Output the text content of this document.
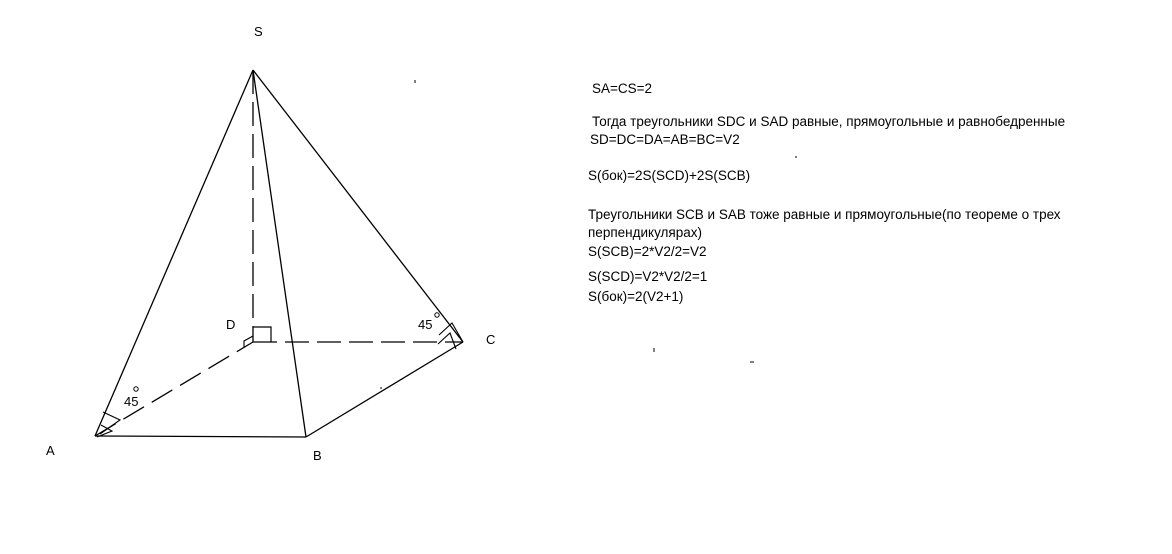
S
A	B
C
D
45
45
SA=CS=2
Тогда треугольники SDC и SAD равные, прямоугольные и равнобедренные
SD=DC=DA=AB=BC=V2
S(бок)=2S(SCD)+2S(SCB)
Треугольники SCB и SAB тоже равные и прямоугольные(по теореме о трех
перпендикулярах)
S(SCB)=2*V2/2=V2
S(SCD)=V2*V2/2=1
S(бок)=2(V2+1)
